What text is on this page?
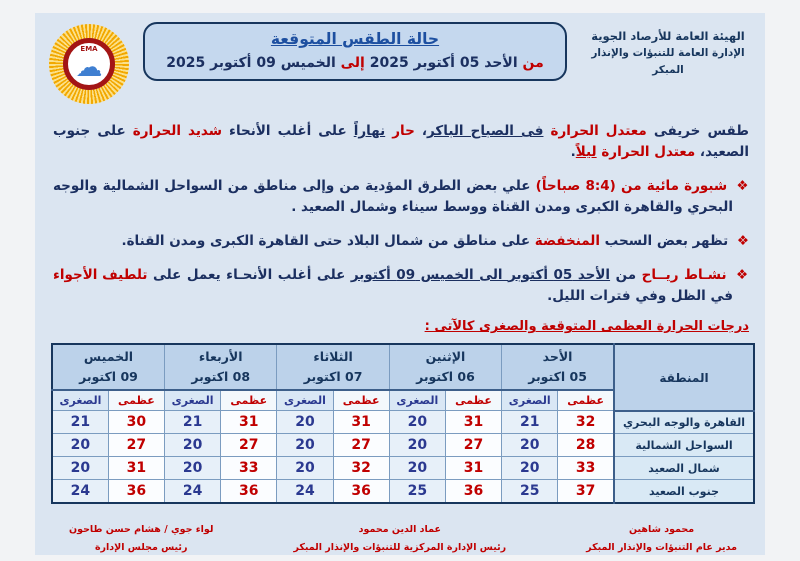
الهيئة العامة للأرصاد الجوية
الإدارة العامة للتنبؤات والإنذار المبكر
حالة الطقس المتوقعة
من الأحد 05 أكتوبر 2025 إلى الخميس 09 أكتوبر 2025
EMA
☁
طقس خريفى معتدل الحرارة فى الصباح الباكر، حار نهاراً على أغلب الأنحاء شديد الحرارة على جنوب الصعيد، معتدل الحرارة ليلاً.
❖ شبورة مائية من (8:4 صباحاً) علي بعض الطرق المؤدية من وإلى مناطق من السواحل الشمالية والوجه البحري والقاهرة الكبرى ومدن القناة ووسط سيناء وشمال الصعيد .
❖ تظهر بعض السحب المنخفضة على مناطق من شمال البلاد حتى القاهرة الكبرى ومدن القناة.
❖ نشـاط ريــاح من الأحد 05 أكتوبر الى الخميس 09 أكتوبر على أغلب الأنحـاء يعمل على تلطيف الأجواء في الظل وفي فترات الليل.
درجات الحرارة العظمى المتوقعة والصغرى كالآتى :
المنطقة	
الأحد
05 اكتوبر

الإثنين
06 اكتوبر

الثلاثاء
07 اكتوبر

الأربعاء
08 اكتوبر

الخميس
09 اكتوبر

	عظمى	الصغرى	عظمى	الصغرى	عظمى	الصغرى	عظمى	الصغرى	عظمى	الصغرى
القاهرة والوجه البحري	32	21	31	20	31	20	31	21	30	21
السواحل الشمالية	28	20	27	20	27	20	27	20	27	20
شمال الصعيد	33	20	31	20	32	20	33	20	31	20
جنوب الصعيد	37	25	36	25	36	24	36	24	36	24
محمود شاهين
مدير عام التنبؤات والإنذار المبكر
عماد الدين محمود
رئيس الإدارة المركزية للتنبؤات والإنذار المبكر
لواء جوي / هشام حسن طاحون
رئيس مجلس الإدارة
